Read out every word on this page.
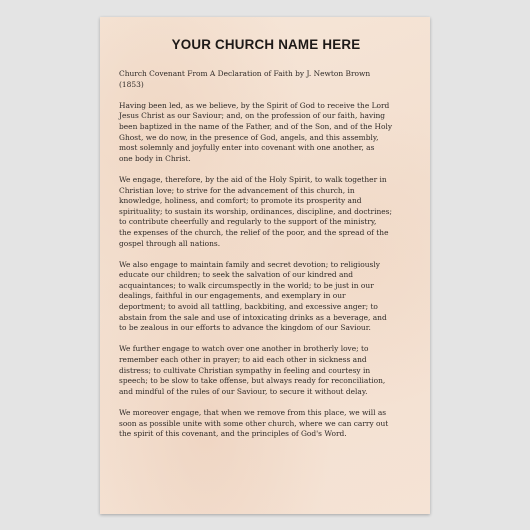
YOUR CHURCH NAME HERE

Church Covenant From A Declaration of Faith by J. Newton Brown
(1853)

Having been led, as we believe, by the Spirit of God to receive the Lord
Jesus Christ as our Saviour; and, on the profession of our faith, having
been baptized in the name of the Father, and of the Son, and of the Holy
Ghost, we do now, in the presence of God, angels, and this assembly,
most solemnly and joyfully enter into covenant with one another, as
one body in Christ.

We engage, therefore, by the aid of the Holy Spirit, to walk together in
Christian love; to strive for the advancement of this church, in
knowledge, holiness, and comfort; to promote its prosperity and
spirituality; to sustain its worship, ordinances, discipline, and doctrines;
to contribute cheerfully and regularly to the support of the ministry,
the expenses of the church, the relief of the poor, and the spread of the
gospel through all nations.

We also engage to maintain family and secret devotion; to religiously
educate our children; to seek the salvation of our kindred and
acquaintances; to walk circumspectly in the world; to be just in our
dealings, faithful in our engagements, and exemplary in our
deportment; to avoid all tattling, backbiting, and excessive anger; to
abstain from the sale and use of intoxicating drinks as a beverage, and
to be zealous in our efforts to advance the kingdom of our Saviour.

We further engage to watch over one another in brotherly love; to
remember each other in prayer; to aid each other in sickness and
distress; to cultivate Christian sympathy in feeling and courtesy in
speech; to be slow to take offense, but always ready for reconciliation,
and mindful of the rules of our Saviour, to secure it without delay.

We moreover engage, that when we remove from this place, we will as
soon as possible unite with some other church, where we can carry out
the spirit of this covenant, and the principles of God's Word.
